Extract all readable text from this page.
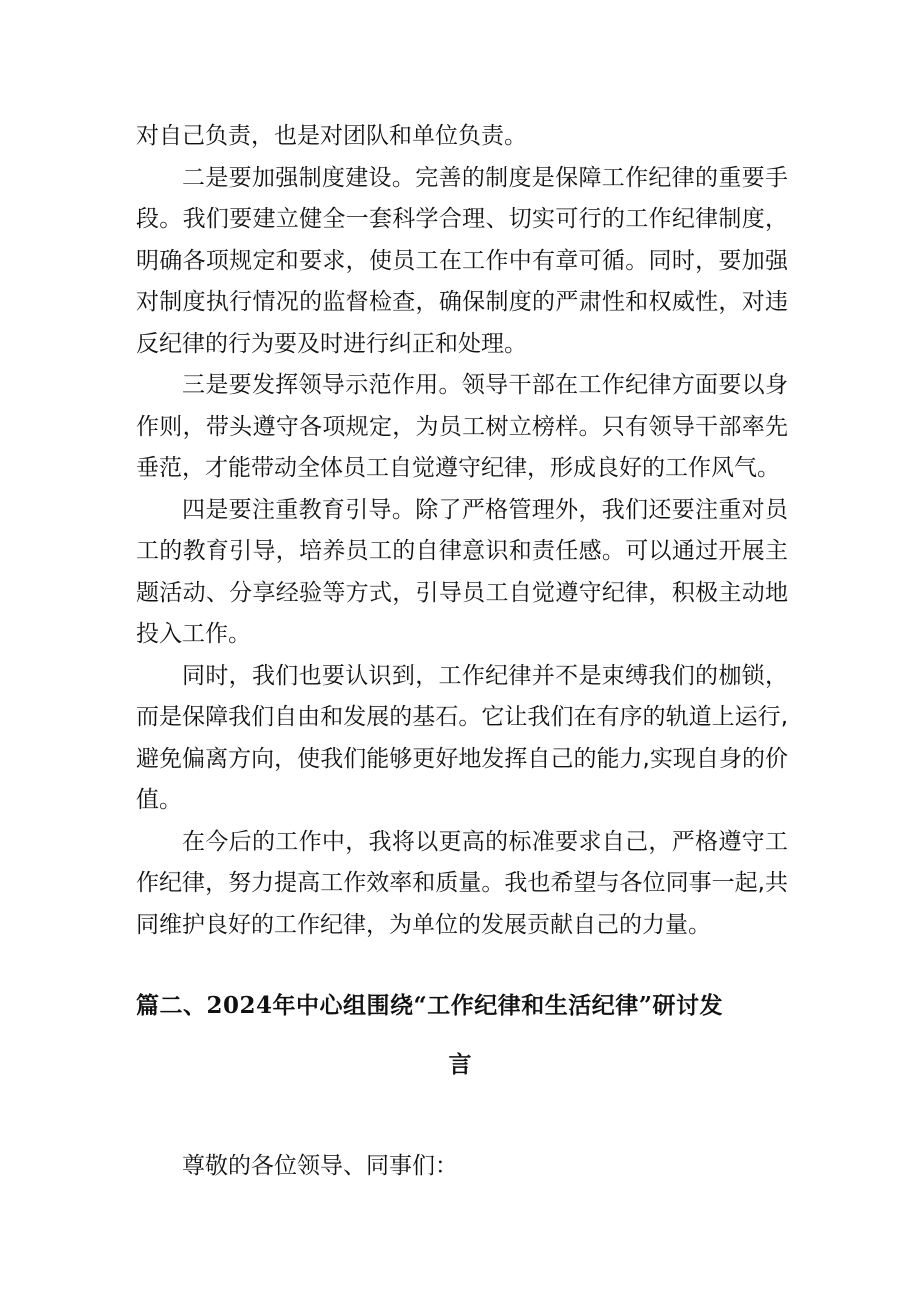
对自己负责，也是对团队和单位负责。

二是要加强制度建设。完善的制度是保障工作纪律的重要手段。我们要建立健全一套科学合理、切实可行的工作纪律制度，明确各项规定和要求，使员工在工作中有章可循。同时，要加强对制度执行情况的监督检查，确保制度的严肃性和权威性，对违反纪律的行为要及时进行纠正和处理。

三是要发挥领导示范作用。领导干部在工作纪律方面要以身作则，带头遵守各项规定，为员工树立榜样。只有领导干部率先垂范，才能带动全体员工自觉遵守纪律，形成良好的工作风气。

四是要注重教育引导。除了严格管理外，我们还要注重对员工的教育引导，培养员工的自律意识和责任感。可以通过开展主题活动、分享经验等方式，引导员工自觉遵守纪律，积极主动地投入工作。

同时，我们也要认识到，工作纪律并不是束缚我们的枷锁，而是保障我们自由和发展的基石。它让我们在有序的轨道上运行,避免偏离方向，使我们能够更好地发挥自己的能力,实现自身的价值。

在今后的工作中，我将以更高的标准要求自己，严格遵守工作纪律，努力提高工作效率和质量。我也希望与各位同事一起,共同维护良好的工作纪律，为单位的发展贡献自己的力量。

篇二、2024年中心组围绕“工作纪律和生活纪律”研讨发
言
尊敬的各位领导、同事们：
